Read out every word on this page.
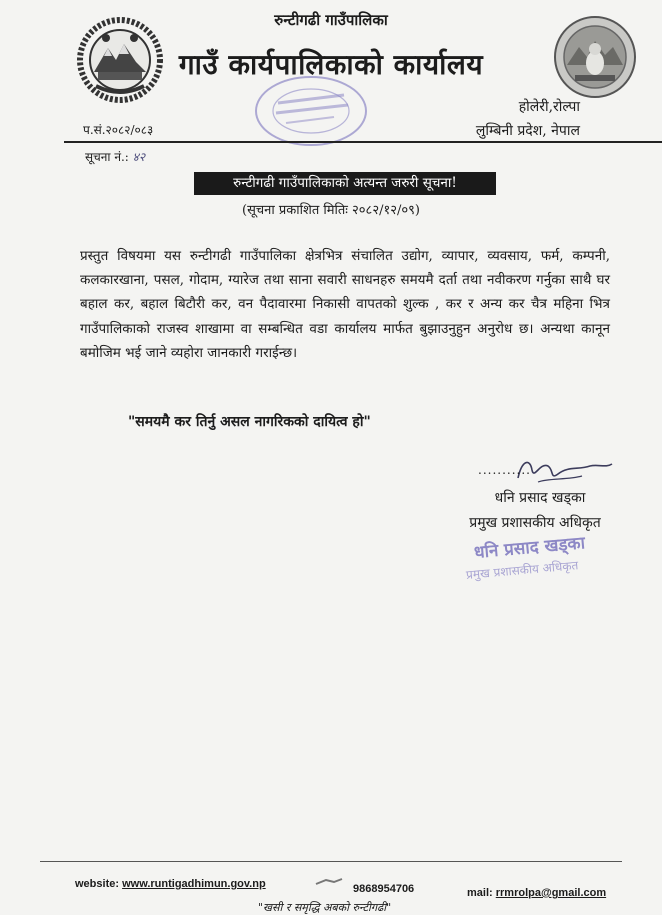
रुन्टीगढी गाउँपालिका
गाउँ कार्यपालिकाको कार्यालय
होलेरी,रोल्पा
लुम्बिनी प्रदेश, नेपाल
प.सं.२०८२/०८३
सूचना नं.: ४२
रुन्टीगढी गाउँपालिकाको अत्यन्त जरुरी सूचना!
(सूचना प्रकाशित मितिः २०८२/१२/०९)
प्रस्तुत विषयमा यस रुन्टीगढी गाउँपालिका क्षेत्रभित्र संचालित उद्योग, व्यापार, व्यवसाय, फर्म, कम्पनी, कलकारखाना, पसल, गोदाम, ग्यारेज तथा साना सवारी साधनहरु समयमै दर्ता तथा नवीकरण गर्नुका साथै घर बहाल कर, बहाल बिटौरी कर, वन पैदावारमा निकासी वापतको शुल्क , कर र अन्य कर चैत्र महिना भित्र गाउँपालिकाको राजस्व शाखामा वा सम्बन्धित वडा कार्यालय मार्फत बुझाउनुहुन अनुरोध छ। अन्यथा कानून बमोजिम भई जाने व्यहोरा जानकारी गराईन्छ।
"समयमै कर तिर्नु असल नागरिकको दायित्व हो"
...........
धनि प्रसाद खड्का
प्रमुख प्रशासकीय अधिकृत
धनि प्रसाद खड्का
प्रमुख प्रशासकीय अधिकृत
website: www.runtigadhimun.gov.np	9868954706	mail: rrmrolpa@gmail.com
"खसी र समृद्धि अबको रुन्टीगढी"
